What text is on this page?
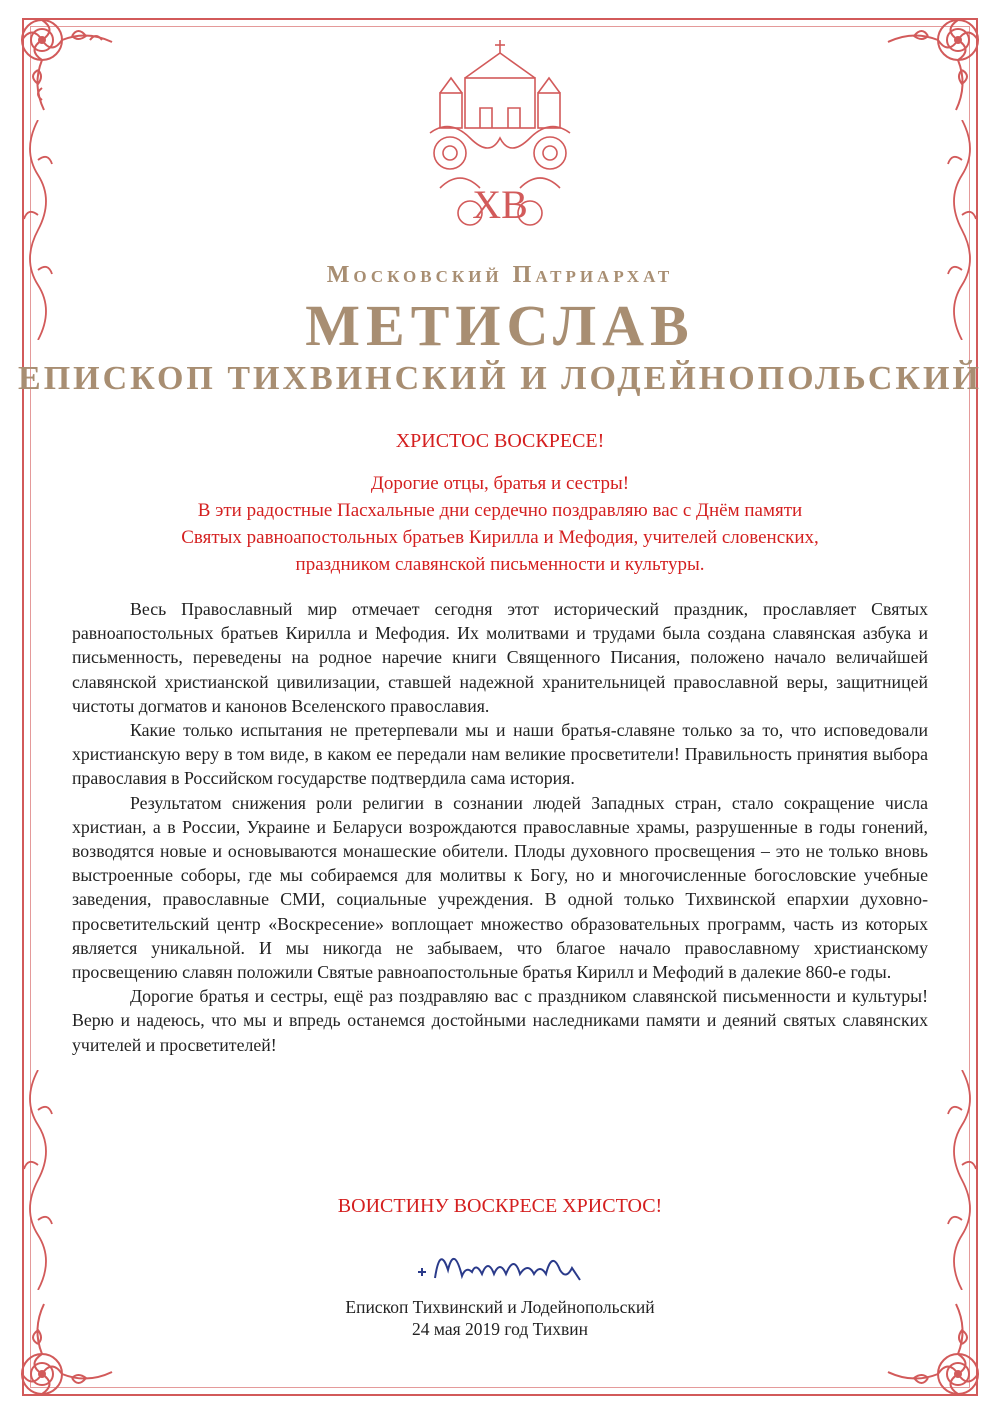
ХВ
Московский Патриархат
МЕТИСЛАВ
ЕПИСКОП ТИХВИНСКИЙ И ЛОДЕЙНОПОЛЬСКИЙ
ХРИСТОС ВОСКРЕСЕ!
Дорогие отцы, братья и сестры!
В эти радостные Пасхальные дни сердечно поздравляю вас с Днём памяти
Святых равноапостольных братьев Кирилла и Мефодия, учителей словенских,
праздником славянской письменности и культуры.

Весь Православный мир отмечает сегодня этот исторический праздник, прославляет Святых равноапостольных братьев Кирилла и Мефодия. Их молитвами и трудами была создана славянская азбука и письменность, переведены на родное наречие книги Священного Писания, положено начало величайшей славянской христианской цивилизации, ставшей надежной хранительницей православной веры, защитницей чистоты догматов и канонов Вселенского православия.

Какие только испытания не претерпевали мы и наши братья-славяне только за то, что исповедовали христианскую веру в том виде, в каком ее передали нам великие просветители! Правильность принятия выбора православия в Российском государстве подтвердила сама история.

Результатом снижения роли религии в сознании людей Западных стран, стало сокращение числа христиан, а в России, Украине и Беларуси возрождаются православные храмы, разрушенные в годы гонений, возводятся новые и основываются монашеские обители. Плоды духовного просвещения – это не только вновь выстроенные соборы, где мы собираемся для молитвы к Богу, но и многочисленные богословские учебные заведения, православные СМИ, социальные учреждения. В одной только Тихвинской епархии духовно-просветительский центр «Воскресение» воплощает множество образовательных программ, часть из которых является уникальной. И мы никогда не забываем, что благое начало православному христианскому просвещению славян положили Святые равноапостольные братья Кирилл и Мефодий в далекие 860-е годы.

Дорогие братья и сестры, ещё раз поздравляю вас с праздником славянской письменности и культуры! Верю и надеюсь, что мы и впредь останемся достойными наследниками памяти и деяний святых славянских учителей и просветителей!

ВОИСТИНУ ВОСКРЕСЕ ХРИСТОС!
Епископ Тихвинский и Лодейнопольский
24 мая 2019 год Тихвин
